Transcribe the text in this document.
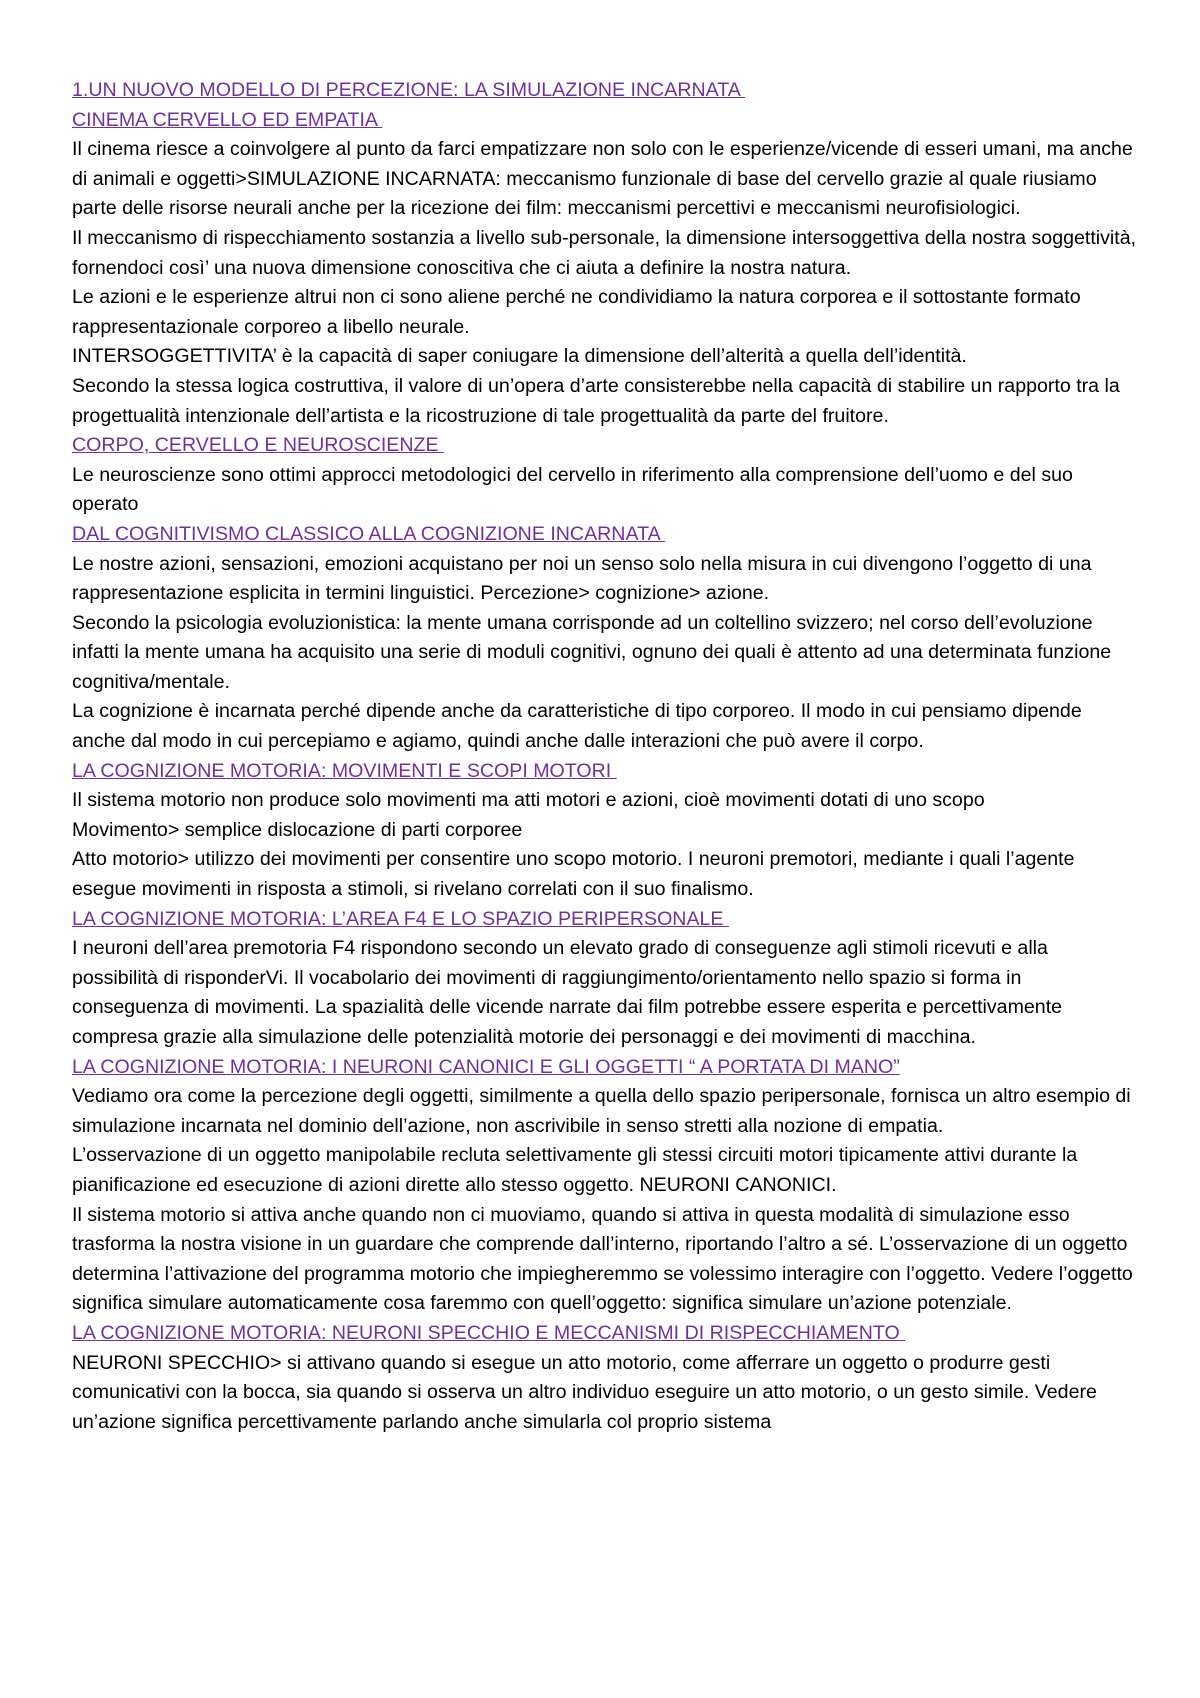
1.UN NUOVO MODELLO DI PERCEZIONE: LA SIMULAZIONE INCARNATA

CINEMA CERVELLO ED EMPATIA

Il cinema riesce a coinvolgere al punto da farci empatizzare non solo con le esperienze/vicende di esseri umani, ma anche di animali e oggetti>SIMULAZIONE INCARNATA: meccanismo funzionale di base del cervello grazie al quale riusiamo parte delle risorse neurali anche per la ricezione dei film: meccanismi percettivi e meccanismi neurofisiologici.

Il meccanismo di rispecchiamento sostanzia a livello sub-personale, la dimensione intersoggettiva della nostra soggettività, fornendoci così’ una nuova dimensione conoscitiva che ci aiuta a definire la nostra natura.

Le azioni e le esperienze altrui non ci sono aliene perché ne condividiamo la natura corporea e il sottostante formato rappresentazionale corporeo a libello neurale.

INTERSOGGETTIVITA’ è la capacità di saper coniugare la dimensione dell’alterità a quella dell’identità.

Secondo la stessa logica costruttiva, il valore di un’opera d’arte consisterebbe nella capacità di stabilire un rapporto tra la progettualità intenzionale dell’artista e la ricostruzione di tale progettualità da parte del fruitore.

CORPO, CERVELLO E NEUROSCIENZE

Le neuroscienze sono ottimi approcci metodologici del cervello in riferimento alla comprensione dell’uomo e del suo operato

DAL COGNITIVISMO CLASSICO ALLA COGNIZIONE INCARNATA

Le nostre azioni, sensazioni, emozioni acquistano per noi un senso solo nella misura in cui divengono l’oggetto di una rappresentazione esplicita in termini linguistici. Percezione> cognizione> azione.

Secondo la psicologia evoluzionistica: la mente umana corrisponde ad un coltellino svizzero; nel corso dell’evoluzione infatti la mente umana ha acquisito una serie di moduli cognitivi, ognuno dei quali è attento ad una determinata funzione cognitiva/mentale.

La cognizione è incarnata perché dipende anche da caratteristiche di tipo corporeo. Il modo in cui pensiamo dipende anche dal modo in cui percepiamo e agiamo, quindi anche dalle interazioni che può avere il corpo.

LA COGNIZIONE MOTORIA: MOVIMENTI E SCOPI MOTORI

Il sistema motorio non produce solo movimenti ma atti motori e azioni, cioè movimenti dotati di uno scopo

Movimento> semplice dislocazione di parti corporee

Atto motorio> utilizzo dei movimenti per consentire uno scopo motorio. I neuroni premotori, mediante i quali l’agente esegue movimenti in risposta a stimoli, si rivelano correlati con il suo finalismo.

LA COGNIZIONE MOTORIA: L’AREA F4 E LO SPAZIO PERIPERSONALE

I neuroni dell’area premotoria F4 rispondono secondo un elevato grado di conseguenze agli stimoli ricevuti e alla possibilità di risponderVi. Il vocabolario dei movimenti di raggiungimento/orientamento nello spazio si forma in conseguenza di movimenti. La spazialità delle vicende narrate dai film potrebbe essere esperita e percettivamente compresa grazie alla simulazione delle potenzialità motorie dei personaggi e dei movimenti di macchina.

LA COGNIZIONE MOTORIA: I NEURONI CANONICI E GLI OGGETTI “ A PORTATA DI MANO”

Vediamo ora come la percezione degli oggetti, similmente a quella dello spazio peripersonale, fornisca un altro esempio di simulazione incarnata nel dominio dell’azione, non ascrivibile in senso stretti alla nozione di empatia.

L’osservazione di un oggetto manipolabile recluta selettivamente gli stessi circuiti motori tipicamente attivi durante la pianificazione ed esecuzione di azioni dirette allo stesso oggetto. NEURONI CANONICI.

Il sistema motorio si attiva anche quando non ci muoviamo, quando si attiva in questa modalità di simulazione esso trasforma la nostra visione in un guardare che comprende dall’interno, riportando l’altro a sé. L’osservazione di un oggetto determina l’attivazione del programma motorio che impiegheremmo se volessimo interagire con l’oggetto. Vedere l’oggetto significa simulare automaticamente cosa faremmo con quell’oggetto: significa simulare un’azione potenziale.

LA COGNIZIONE MOTORIA: NEURONI SPECCHIO E MECCANISMI DI RISPECCHIAMENTO

NEURONI SPECCHIO> si attivano quando si esegue un atto motorio, come afferrare un oggetto o produrre gesti comunicativi con la bocca, sia quando si osserva un altro individuo eseguire un atto motorio, o un gesto simile. Vedere un’azione significa percettivamente parlando anche simularla col proprio sistema
